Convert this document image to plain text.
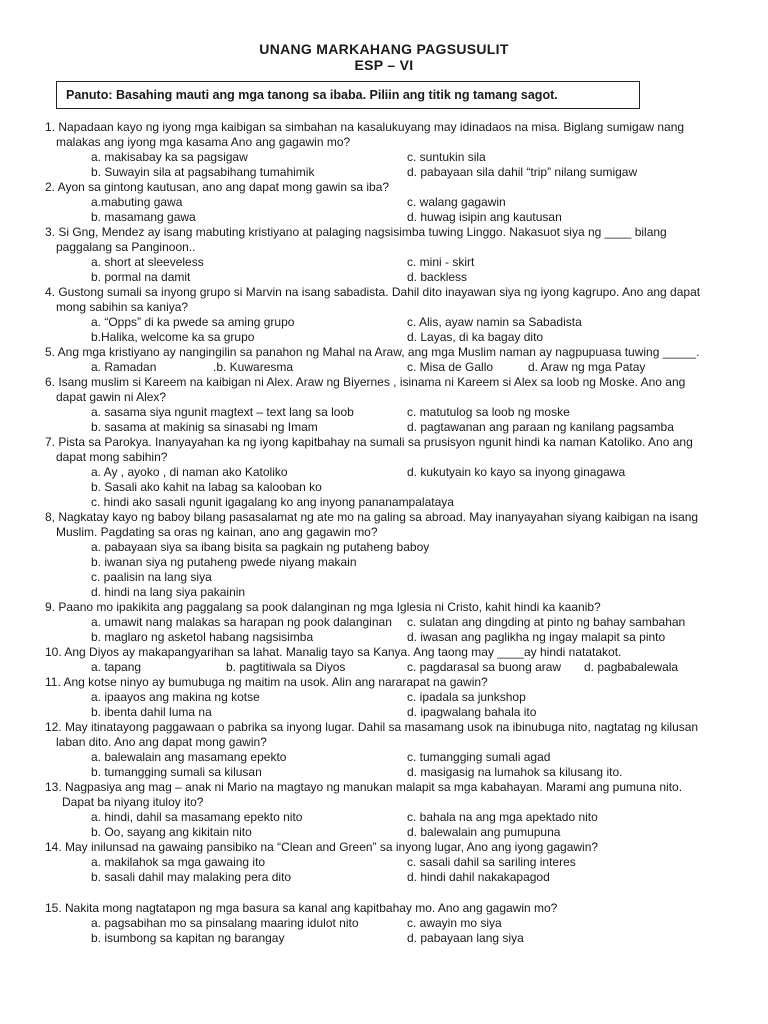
UNANG MARKAHANG PAGSUSULIT
ESP – VI
Panuto: Basahing mauti ang mga tanong sa ibaba. Piliin ang titik ng tamang sagot.
1. Napadaan kayo ng iyong mga kaibigan sa simbahan na kasalukuyang may idinadaos na misa. Biglang sumigaw nang
malakas ang iyong mga kasama Ano ang gagawin mo?
a. makisabay ka sa pagsigaw	c. suntukin sila
b. Suwayin sila at pagsabihang tumahimik	d. pabayaan sila dahil “trip” nilang sumigaw
2. Ayon sa gintong kautusan, ano ang dapat mong gawin sa iba?
a.mabuting gawa	c. walang gagawin
b. masamang gawa	d. huwag isipin ang kautusan
3. Si Gng, Mendez ay isang mabuting kristiyano at palaging nagsisimba tuwing Linggo. Nakasuot siya ng ____ bilang
paggalang sa Panginoon..
a. short at sleeveless	c. mini - skirt
b. pormal na damit	d. backless
4. Gustong sumali sa inyong grupo si Marvin na isang sabadista. Dahil dito inayawan siya ng iyong kagrupo. Ano ang dapat
mong sabihin sa kaniya?
a. “Opps” di ka pwede sa aming grupo	c. Alis, ayaw namin sa Sabadista
b.Halika, welcome ka sa grupo	d. Layas, di ka bagay dito
5. Ang mga kristiyano ay nangingilin sa panahon ng Mahal na Araw, ang mga Muslim naman ay nagpupuasa tuwing _____.
a. Ramadan	.b. Kuwaresma	c. Misa de Gallo	d. Araw ng mga Patay
6. Isang muslim si Kareem na kaibigan ni Alex. Araw ng Biyernes , isinama ni Kareem si Alex sa loob ng Moske. Ano ang
dapat gawin ni Alex?
a. sasama siya ngunit magtext – text lang sa loob	c. matutulog sa loob ng moske
b. sasama at makinig sa sinasabi ng Imam	d. pagtawanan ang paraan ng kanilang pagsamba
7. Pista sa Parokya. Inanyayahan ka ng iyong kapitbahay na sumali sa prusisyon ngunit hindi ka naman Katoliko. Ano ang
dapat mong sabihin?
a. Ay , ayoko , di naman ako Katoliko	d. kukutyain ko kayo sa inyong ginagawa
b. Sasali ako kahit na labag sa kalooban ko
c. hindi ako sasali ngunit igagalang ko ang inyong pananampalataya
8, Nagkatay kayo ng baboy bilang pasasalamat ng ate mo na galing sa abroad. May inanyayahan siyang kaibigan na isang
Muslim. Pagdating sa oras ng kainan, ano ang gagawin mo?
a. pabayaan siya sa ibang bisita sa pagkain ng putaheng baboy
b. iwanan siya ng putaheng pwede niyang makain
c. paalisin na lang siya
d. hindi na lang siya pakainin
9. Paano mo ipakikita ang paggalang sa pook dalanginan ng mga Iglesia ni Cristo, kahit hindi ka kaanib?
a. umawit nang malakas sa harapan ng pook dalanginan c. sulatan ang dingding at pinto ng bahay sambahan
b. maglaro ng asketol habang nagsisimba	d. iwasan ang paglikha ng ingay malapit sa pinto
10. Ang Diyos ay makapangyarihan sa lahat. Manalig tayo sa Kanya. Ang taong may ____ay hindi natatakot.
a. tapang	b. pagtitiwala sa Diyos	c. pagdarasal sa buong araw d. pagbabalewala
11. Ang kotse ninyo ay bumubuga ng maitim na usok. Alin ang nararapat na gawin?
a. ipaayos ang makina ng kotse	c. ipadala sa junkshop
b. ibenta dahil luma na	d. ipagwalang bahala ito
12. May itinatayong paggawaan o pabrika sa inyong lugar. Dahil sa masamang usok na ibinubuga nito, nagtatag ng kilusan
laban dito. Ano ang dapat mong gawin?
a. balewalain ang masamang epekto	c. tumangging sumali agad
b. tumangging sumali sa kilusan	d. masigasig na lumahok sa kilusang ito.
13. Nagpasiya ang mag – anak ni Mario na magtayo ng manukan malapit sa mga kabahayan. Marami ang pumuna nito.
Dapat ba niyang ituloy ito?
a. hindi, dahil sa masamang epekto nito	c. bahala na ang mga apektado nito
b. Oo, sayang ang kikitain nito	d. balewalain ang pumupuna
14. May inilunsad na gawaing pansibiko na “Clean and Green” sa inyong lugar, Ano ang iyong gagawin?
a. makilahok sa mga gawaing ito	c. sasali dahil sa sariling interes
b. sasali dahil may malaking pera dito	d. hindi dahil nakakapagod
15. Nakita mong nagtatapon ng mga basura sa kanal ang kapitbahay mo. Ano ang gagawin mo?
a. pagsabihan mo sa pinsalang maaring idulot nito	c. awayin mo siya
b. isumbong sa kapitan ng barangay	d. pabayaan lang siya
